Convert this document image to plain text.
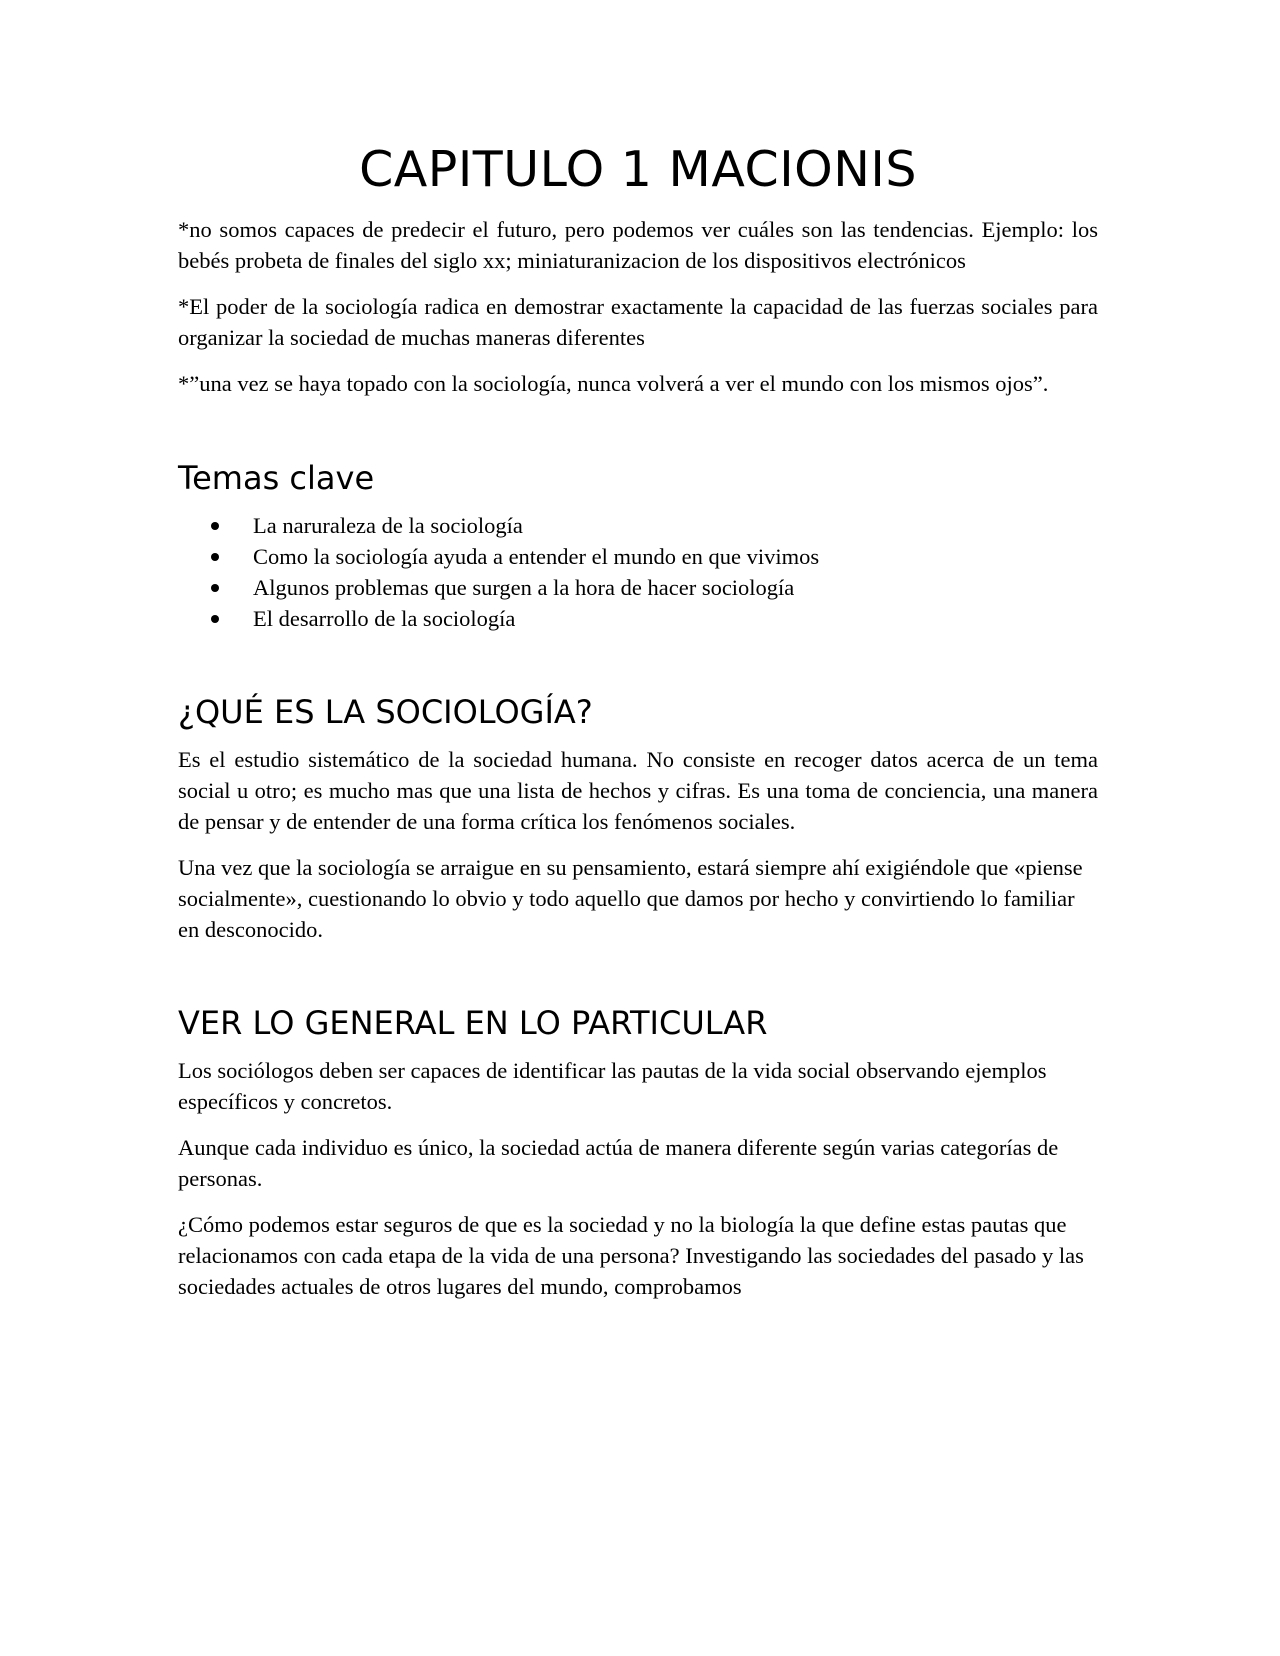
CAPITULO 1 MACIONIS

*no somos capaces de predecir el futuro, pero podemos ver cuáles son las tendencias. Ejemplo: los bebés probeta de finales del siglo xx; miniaturanizacion de los dispositivos electrónicos

*El poder de la sociología radica en demostrar exactamente la capacidad de las fuerzas sociales para organizar la sociedad de muchas maneras diferentes

*”una vez se haya topado con la sociología, nunca volverá a ver el mundo con los mismos ojos”.

Temas clave
La naruraleza de la sociología
Como la sociología ayuda a entender el mundo en que vivimos
Algunos problemas que surgen a la hora de hacer sociología
El desarrollo de la sociología
¿QUÉ ES LA SOCIOLOGÍA?

Es el estudio sistemático de la sociedad humana. No consiste en recoger datos acerca de un tema social u otro; es mucho mas que una lista de hechos y cifras. Es una toma de conciencia, una manera de pensar y de entender de una forma crítica los fenómenos sociales.

Una vez que la sociología se arraigue en su pensamiento, estará siempre ahí exigiéndole que «piense socialmente», cuestionando lo obvio y todo aquello que damos por hecho y convirtiendo lo familiar en desconocido.

VER LO GENERAL EN LO PARTICULAR

Los sociólogos deben ser capaces de identificar las pautas de la vida social observando ejemplos específicos y concretos.

Aunque cada individuo es único, la sociedad actúa de manera diferente según varias categorías de personas.

¿Cómo podemos estar seguros de que es la sociedad y no la biología la que define estas pautas que relacionamos con cada etapa de la vida de una persona? Investigando las sociedades del pasado y las sociedades actuales de otros lugares del mundo, comprobamos
